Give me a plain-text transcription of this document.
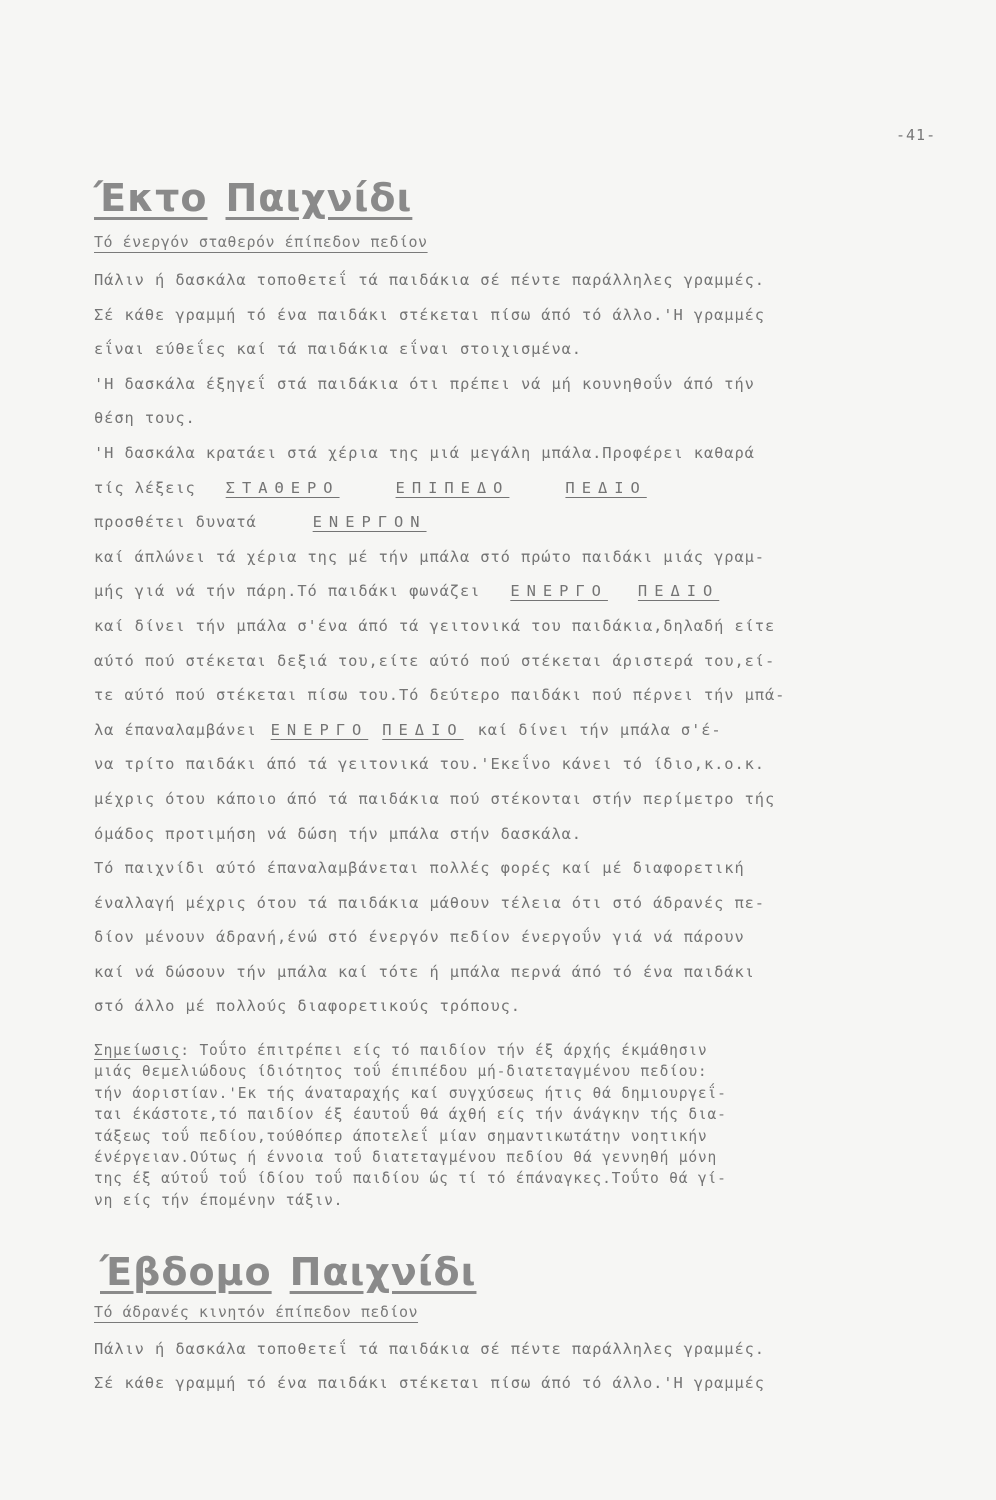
-41-
Έκτο Παιχνίδι
Τό ένεργόν σταθερόν έπίπεδον πεδίον
Πάλιν ή δασκάλα τοποθετεΐ τά παιδάκια σέ πέντε παράλληλες γραμμές.
Σέ κάθε γραμμή τό ένα παιδάκι στέκεται πίσω άπό τό άλλο.'Η γραμμές
εΐναι εύθεΐες καί τά παιδάκια εΐναι στοιχισμένα.
'Η δασκάλα έξηγεΐ στά παιδάκια ότι πρέπει νά μή κουνηθοΰν άπό τήν
θέση τους.
'Η δασκάλα κρατάει στά χέρια της μιά μεγάλη μπάλα.Προφέρει καθαρά
τίς λέξεις ΣΤΑΘΕΡΟ	ΕΠΙΠΕΔΟ	ΠΕΔΙΟ
προσθέτει δυνατά	ΕΝΕΡΓΟΝ
καί άπλώνει τά χέρια της μέ τήν μπάλα στό πρώτο παιδάκι μιάς γραμ-
μής γιά νά τήν πάρη.Τό παιδάκι φωνάζει ΕΝΕΡΓΟ ΠΕΔΙΟ
καί δίνει τήν μπάλα σ'ένα άπό τά γειτονικά του παιδάκια,δηλαδή είτε
αύτό πού στέκεται δεξιά του,είτε αύτό πού στέκεται άριστερά του,εί-
τε αύτό πού στέκεται πίσω του.Τό δεύτερο παιδάκι πού πέρνει τήν μπά-
λα έπαναλαμβάνει ΕΝΕΡΓΟ ΠΕΔΙΟ καί δίνει τήν μπάλα σ'έ-
να τρίτο παιδάκι άπό τά γειτονικά του.'Εκεΐνο κάνει τό ίδιο,κ.ο.κ.
μέχρις ότου κάποιο άπό τά παιδάκια πού στέκονται στήν περίμετρο τής
όμάδος προτιμήση νά δώση τήν μπάλα στήν δασκάλα.
Τό παιχνίδι αύτό έπαναλαμβάνεται πολλές φορές καί μέ διαφορετική
έναλλαγή μέχρις ότου τά παιδάκια μάθουν τέλεια ότι στό άδρανές πε-
δίον μένουν άδρανή,ένώ στό ένεργόν πεδίον ένεργοΰν γιά νά πάρουν
καί νά δώσουν τήν μπάλα καί τότε ή μπάλα περνά άπό τό ένα παιδάκι
στό άλλο μέ πολλούς διαφορετικούς τρόπους.
Σημείωσις: Τοΰτο έπιτρέπει είς τό παιδίον τήν έξ άρχής έκμάθησιν
μιάς θεμελιώδους ίδιότητος τοΰ έπιπέδου μή-διατεταγμένου πεδίου:
τήν άοριστίαν.'Εκ τής άναταραχής καί συγχύσεως ήτις θά δημιουργεΐ-
ται έκάστοτε,τό παιδίον έξ έαυτοΰ θά άχθή είς τήν άνάγκην τής δια-
τάξεως τοΰ πεδίου,τούθόπερ άποτελεΐ μίαν σημαντικωτάτην νοητικήν
ένέργειαν.Ούτως ή έννοια τοΰ διατεταγμένου πεδίου θά γεννηθή μόνη
της έξ αύτοΰ τοΰ ίδίου τοΰ παιδίου ώς τί τό έπάναγκες.Τοΰτο θά γί-
νη είς τήν έπομένην τάξιν.
Έβδομο Παιχνίδι
Τό άδρανές κινητόν έπίπεδον πεδίον
Πάλιν ή δασκάλα τοποθετεΐ τά παιδάκια σέ πέντε παράλληλες γραμμές.
Σέ κάθε γραμμή τό ένα παιδάκι στέκεται πίσω άπό τό άλλο.'Η γραμμές
